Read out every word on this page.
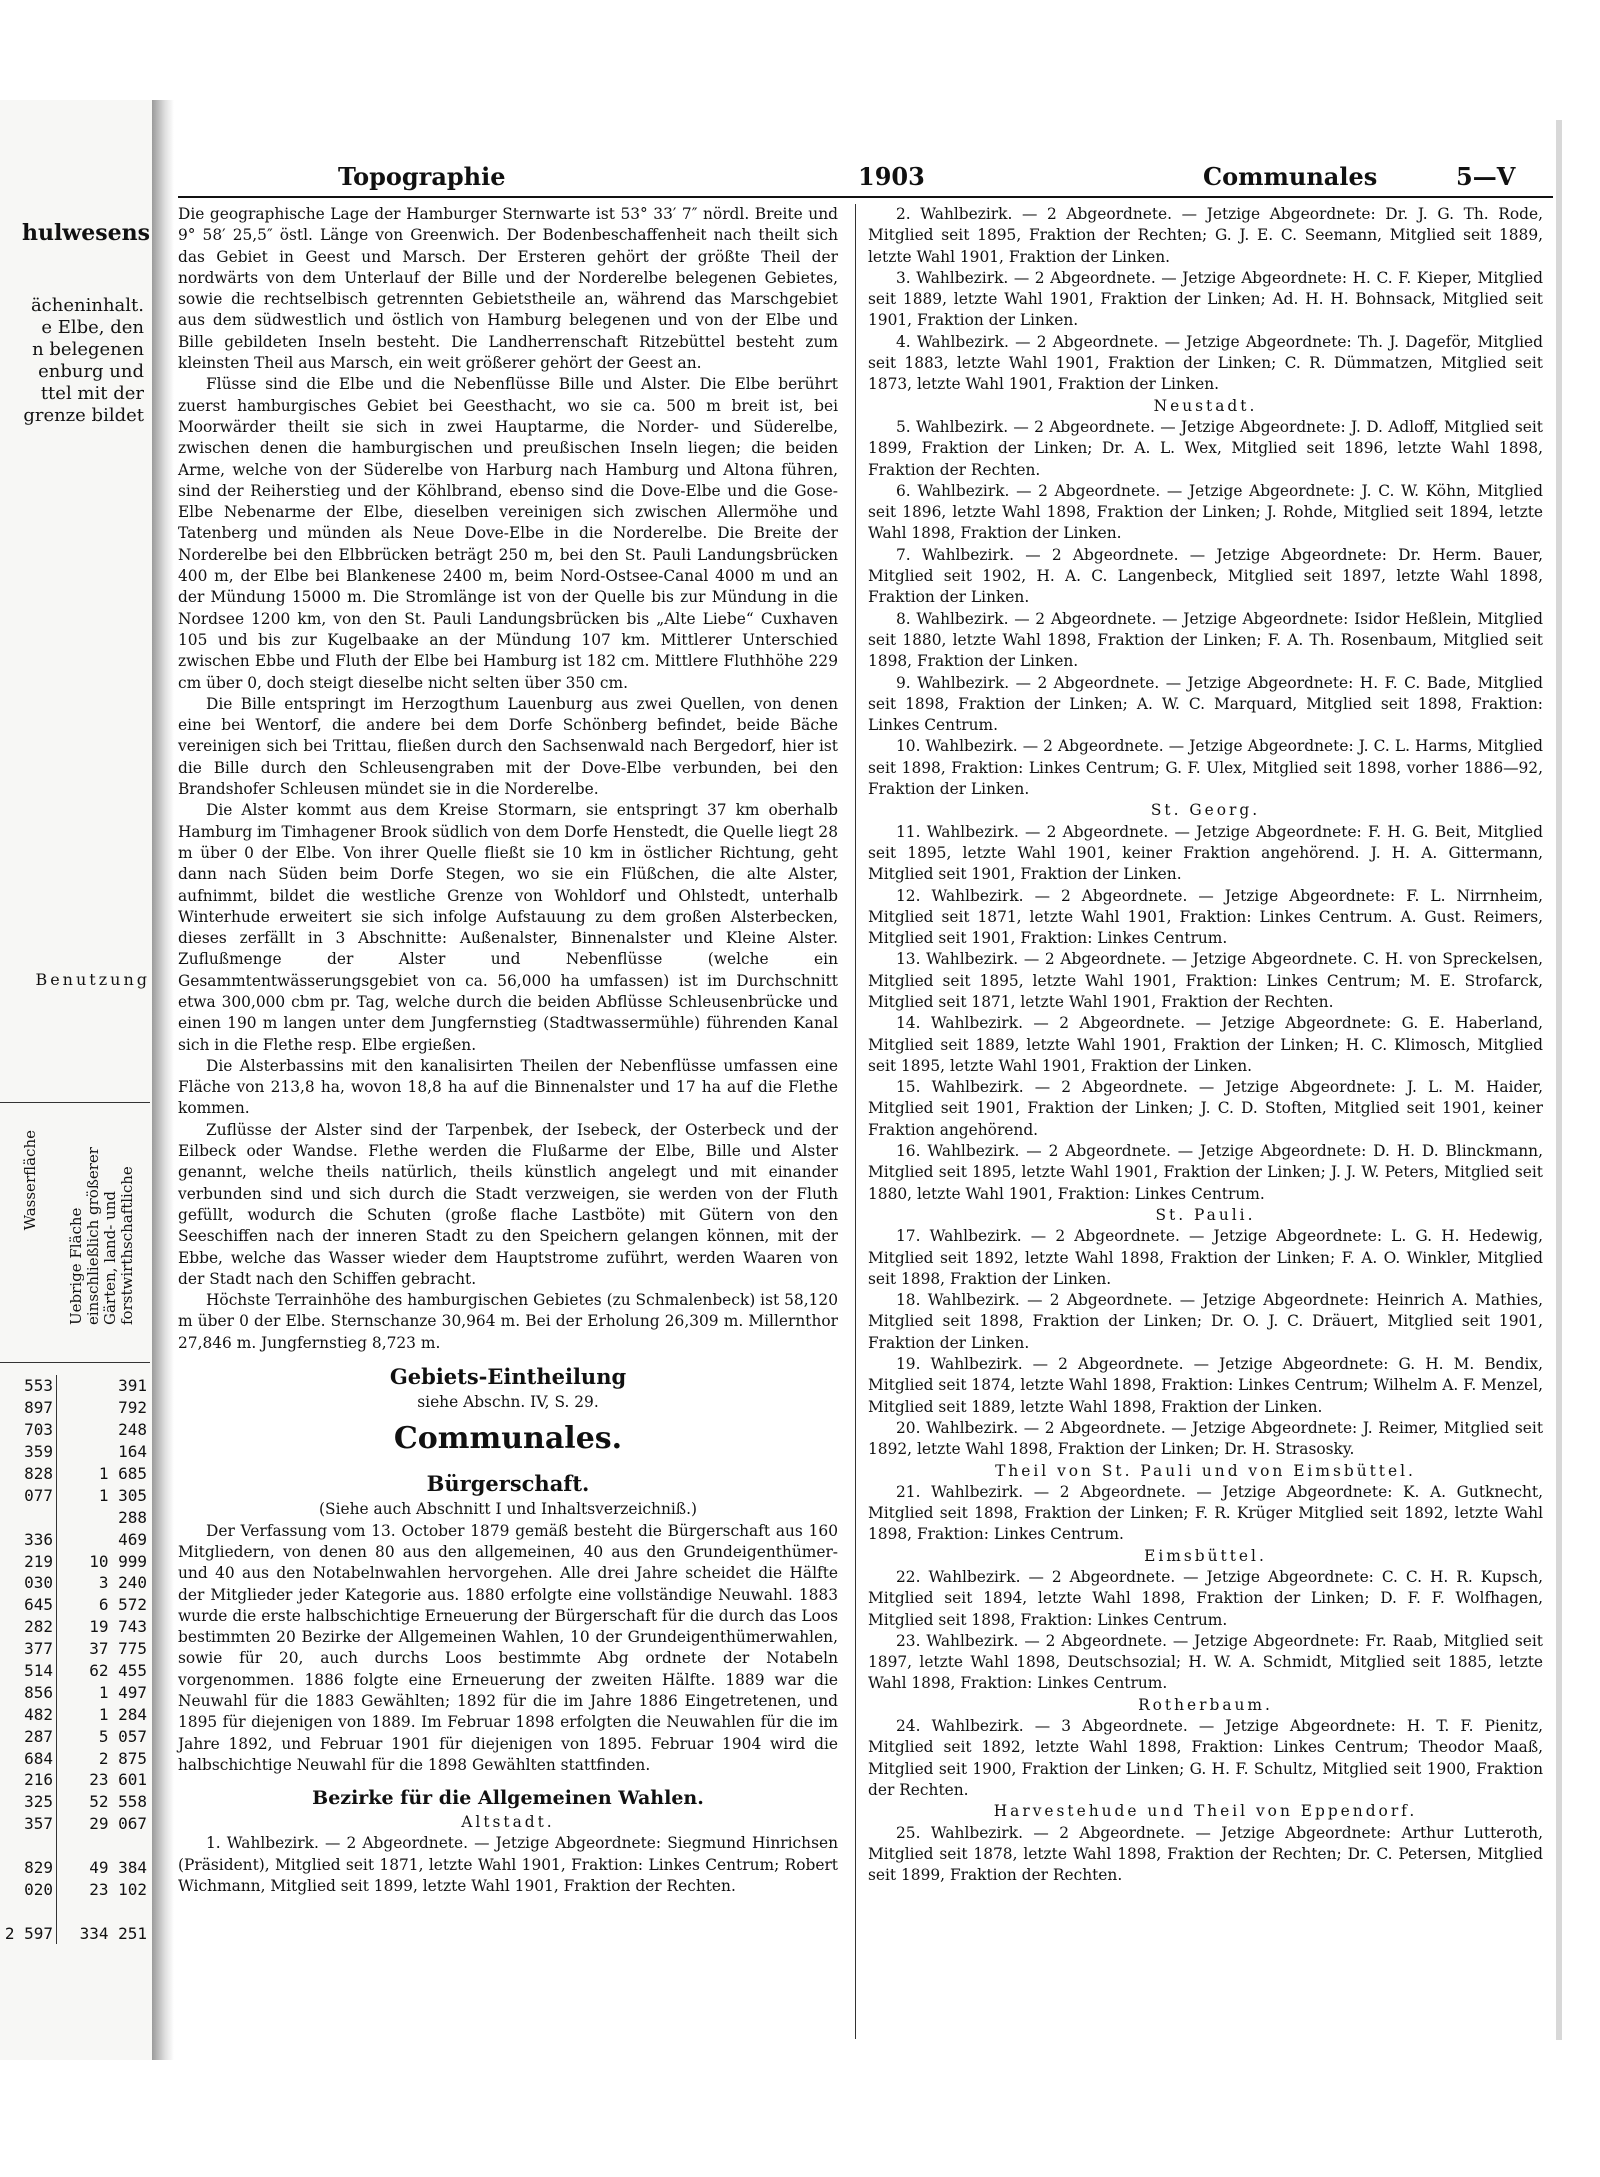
hulwesens
ächeninhalt.
e Elbe, den
n belegenen
enburg und
ttel mit der
grenze bildet
Benutzung
Wasserfläche
Uebrige Fläche einschließlich größerer Gärten, land- und forstwirthschaftliche
553	391
897	792
703	248
359	164
828	1 685
077	1 305
	288
336	469
219	10 999
030	3 240
645	6 572
282	19 743
377	37 775
514	62 455
856	1 497
482	1 284
287	5 057
684	2 875
216	23 601
325	52 558
357	29 067

829	49 384
020	23 102

2 597	334 251
Topographie	1903	Communales	5—V

Die geographische Lage der Hamburger Sternwarte ist 53° 33′ 7″ nördl. Breite und 9° 58′ 25,5″ östl. Länge von Greenwich. Der Bodenbeschaffenheit nach theilt sich das Gebiet in Geest und Marsch. Der Ersteren gehört der größte Theil der nordwärts von dem Unterlauf der Bille und der Norderelbe belegenen Gebietes, sowie die rechtselbisch getrennten Gebietstheile an, während das Marschgebiet aus dem südwestlich und östlich von Hamburg belegenen und von der Elbe und Bille gebildeten Inseln besteht. Die Landherrenschaft Ritzebüttel besteht zum kleinsten Theil aus Marsch, ein weit größerer gehört der Geest an.

Flüsse sind die Elbe und die Nebenflüsse Bille und Alster. Die Elbe berührt zuerst hamburgisches Gebiet bei Geesthacht, wo sie ca. 500 m breit ist, bei Moorwärder theilt sie sich in zwei Hauptarme, die Norder- und Süderelbe, zwischen denen die hamburgischen und preußischen Inseln liegen; die beiden Arme, welche von der Süderelbe von Harburg nach Hamburg und Altona führen, sind der Reiherstieg und der Köhlbrand, ebenso sind die Dove-Elbe und die Gose-Elbe Nebenarme der Elbe, dieselben vereinigen sich zwischen Allermöhe und Tatenberg und münden als Neue Dove-Elbe in die Norderelbe. Die Breite der Norderelbe bei den Elbbrücken beträgt 250 m, bei den St. Pauli Landungsbrücken 400 m, der Elbe bei Blankenese 2400 m, beim Nord-Ostsee-Canal 4000 m und an der Mündung 15000 m. Die Stromlänge ist von der Quelle bis zur Mündung in die Nordsee 1200 km, von den St. Pauli Landungsbrücken bis „Alte Liebe“ Cuxhaven 105 und bis zur Kugelbaake an der Mündung 107 km. Mittlerer Unterschied zwischen Ebbe und Fluth der Elbe bei Hamburg ist 182 cm. Mittlere Fluthhöhe 229 cm über 0, doch steigt dieselbe nicht selten über 350 cm.

Die Bille entspringt im Herzogthum Lauenburg aus zwei Quellen, von denen eine bei Wentorf, die andere bei dem Dorfe Schönberg befindet, beide Bäche vereinigen sich bei Trittau, fließen durch den Sachsenwald nach Bergedorf, hier ist die Bille durch den Schleusengraben mit der Dove-Elbe verbunden, bei den Brandshofer Schleusen mündet sie in die Norderelbe.

Die Alster kommt aus dem Kreise Stormarn, sie entspringt 37 km oberhalb Hamburg im Timhagener Brook südlich von dem Dorfe Henstedt, die Quelle liegt 28 m über 0 der Elbe. Von ihrer Quelle fließt sie 10 km in östlicher Richtung, geht dann nach Süden beim Dorfe Stegen, wo sie ein Flüßchen, die alte Alster, aufnimmt, bildet die westliche Grenze von Wohldorf und Ohlstedt, unterhalb Winterhude erweitert sie sich infolge Aufstauung zu dem großen Alsterbecken, dieses zerfällt in 3 Abschnitte: Außenalster, Binnenalster und Kleine Alster. Zuflußmenge der Alster und Nebenflüsse (welche ein Gesammtentwässerungsgebiet von ca. 56,000 ha umfassen) ist im Durchschnitt etwa 300,000 cbm pr. Tag, welche durch die beiden Abflüsse Schleusenbrücke und einen 190 m langen unter dem Jungfernstieg (Stadtwassermühle) führenden Kanal sich in die Flethe resp. Elbe ergießen.

Die Alsterbassins mit den kanalisirten Theilen der Nebenflüsse umfassen eine Fläche von 213,8 ha, wovon 18,8 ha auf die Binnenalster und 17 ha auf die Flethe kommen.

Zuflüsse der Alster sind der Tarpenbek, der Isebeck, der Osterbeck und der Eilbeck oder Wandse. Flethe werden die Flußarme der Elbe, Bille und Alster genannt, welche theils natürlich, theils künstlich angelegt und mit einander verbunden sind und sich durch die Stadt verzweigen, sie werden von der Fluth gefüllt, wodurch die Schuten (große flache Lastböte) mit Gütern von den Seeschiffen nach der inneren Stadt zu den Speichern gelangen können, mit der Ebbe, welche das Wasser wieder dem Hauptstrome zuführt, werden Waaren von der Stadt nach den Schiffen gebracht.

Höchste Terrainhöhe des hamburgischen Gebietes (zu Schmalenbeck) ist 58,120 m über 0 der Elbe. Sternschanze 30,964 m. Bei der Erholung 26,309 m. Millernthor 27,846 m. Jungfernstieg 8,723 m.

Gebiets-Eintheilung

siehe Abschn. IV, S. 29.

Communales.

Bürgerschaft.

(Siehe auch Abschnitt I und Inhaltsverzeichniß.)

Der Verfassung vom 13. October 1879 gemäß besteht die Bürgerschaft aus 160 Mitgliedern, von denen 80 aus den allgemeinen, 40 aus den Grundeigenthümer- und 40 aus den Notabelnwahlen hervorgehen. Alle drei Jahre scheidet die Hälfte der Mitglieder jeder Kategorie aus. 1880 erfolgte eine vollständige Neuwahl. 1883 wurde die erste halbschichtige Erneuerung der Bürgerschaft für die durch das Loos bestimmten 20 Bezirke der Allgemeinen Wahlen, 10 der Grundeigenthümerwahlen, sowie für 20, auch durchs Loos bestimmte Abg ordnete der Notabeln vorgenommen. 1886 folgte eine Erneuerung der zweiten Hälfte. 1889 war die Neuwahl für die 1883 Gewählten; 1892 für die im Jahre 1886 Eingetretenen, und 1895 für diejenigen von 1889. Im Februar 1898 erfolgten die Neuwahlen für die im Jahre 1892, und Februar 1901 für diejenigen von 1895. Februar 1904 wird die halbschichtige Neuwahl für die 1898 Gewählten stattfinden.

Bezirke für die Allgemeinen Wahlen.

Altstadt.

1. Wahlbezirk. — 2 Abgeordnete. — Jetzige Abgeordnete: Siegmund Hinrichsen (Präsident), Mitglied seit 1871, letzte Wahl 1901, Fraktion: Linkes Centrum; Robert Wichmann, Mitglied seit 1899, letzte Wahl 1901, Fraktion der Rechten.

2. Wahlbezirk. — 2 Abgeordnete. — Jetzige Abgeordnete: Dr. J. G. Th. Rode, Mitglied seit 1895, Fraktion der Rechten; G. J. E. C. Seemann, Mitglied seit 1889, letzte Wahl 1901, Fraktion der Linken.

3. Wahlbezirk. — 2 Abgeordnete. — Jetzige Abgeordnete: H. C. F. Kieper, Mitglied seit 1889, letzte Wahl 1901, Fraktion der Linken; Ad. H. H. Bohnsack, Mitglied seit 1901, Fraktion der Linken.

4. Wahlbezirk. — 2 Abgeordnete. — Jetzige Abgeordnete: Th. J. Dageför, Mitglied seit 1883, letzte Wahl 1901, Fraktion der Linken; C. R. Dümmatzen, Mitglied seit 1873, letzte Wahl 1901, Fraktion der Linken.

Neustadt.

5. Wahlbezirk. — 2 Abgeordnete. — Jetzige Abgeordnete: J. D. Adloff, Mitglied seit 1899, Fraktion der Linken; Dr. A. L. Wex, Mitglied seit 1896, letzte Wahl 1898, Fraktion der Rechten.

6. Wahlbezirk. — 2 Abgeordnete. — Jetzige Abgeordnete: J. C. W. Köhn, Mitglied seit 1896, letzte Wahl 1898, Fraktion der Linken; J. Rohde, Mitglied seit 1894, letzte Wahl 1898, Fraktion der Linken.

7. Wahlbezirk. — 2 Abgeordnete. — Jetzige Abgeordnete: Dr. Herm. Bauer, Mitglied seit 1902, H. A. C. Langenbeck, Mitglied seit 1897, letzte Wahl 1898, Fraktion der Linken.

8. Wahlbezirk. — 2 Abgeordnete. — Jetzige Abgeordnete: Isidor Heßlein, Mitglied seit 1880, letzte Wahl 1898, Fraktion der Linken; F. A. Th. Rosenbaum, Mitglied seit 1898, Fraktion der Linken.

9. Wahlbezirk. — 2 Abgeordnete. — Jetzige Abgeordnete: H. F. C. Bade, Mitglied seit 1898, Fraktion der Linken; A. W. C. Marquard, Mitglied seit 1898, Fraktion: Linkes Centrum.

10. Wahlbezirk. — 2 Abgeordnete. — Jetzige Abgeordnete: J. C. L. Harms, Mitglied seit 1898, Fraktion: Linkes Centrum; G. F. Ulex, Mitglied seit 1898, vorher 1886—92, Fraktion der Linken.

St. Georg.

11. Wahlbezirk. — 2 Abgeordnete. — Jetzige Abgeordnete: F. H. G. Beit, Mitglied seit 1895, letzte Wahl 1901, keiner Fraktion angehörend. J. H. A. Gittermann, Mitglied seit 1901, Fraktion der Linken.

12. Wahlbezirk. — 2 Abgeordnete. — Jetzige Abgeordnete: F. L. Nirrnheim, Mitglied seit 1871, letzte Wahl 1901, Fraktion: Linkes Centrum. A. Gust. Reimers, Mitglied seit 1901, Fraktion: Linkes Centrum.

13. Wahlbezirk. — 2 Abgeordnete. — Jetzige Abgeordnete. C. H. von Spreckelsen, Mitglied seit 1895, letzte Wahl 1901, Fraktion: Linkes Centrum; M. E. Strofarck, Mitglied seit 1871, letzte Wahl 1901, Fraktion der Rechten.

14. Wahlbezirk. — 2 Abgeordnete. — Jetzige Abgeordnete: G. E. Haberland, Mitglied seit 1889, letzte Wahl 1901, Fraktion der Linken; H. C. Klimosch, Mitglied seit 1895, letzte Wahl 1901, Fraktion der Linken.

15. Wahlbezirk. — 2 Abgeordnete. — Jetzige Abgeordnete: J. L. M. Haider, Mitglied seit 1901, Fraktion der Linken; J. C. D. Stoften, Mitglied seit 1901, keiner Fraktion angehörend.

16. Wahlbezirk. — 2 Abgeordnete. — Jetzige Abgeordnete: D. H. D. Blinckmann, Mitglied seit 1895, letzte Wahl 1901, Fraktion der Linken; J. J. W. Peters, Mitglied seit 1880, letzte Wahl 1901, Fraktion: Linkes Centrum.

St. Pauli.

17. Wahlbezirk. — 2 Abgeordnete. — Jetzige Abgeordnete: L. G. H. Hedewig, Mitglied seit 1892, letzte Wahl 1898, Fraktion der Linken; F. A. O. Winkler, Mitglied seit 1898, Fraktion der Linken.

18. Wahlbezirk. — 2 Abgeordnete. — Jetzige Abgeordnete: Heinrich A. Mathies, Mitglied seit 1898, Fraktion der Linken; Dr. O. J. C. Dräuert, Mitglied seit 1901, Fraktion der Linken.

19. Wahlbezirk. — 2 Abgeordnete. — Jetzige Abgeordnete: G. H. M. Bendix, Mitglied seit 1874, letzte Wahl 1898, Fraktion: Linkes Centrum; Wilhelm A. F. Menzel, Mitglied seit 1889, letzte Wahl 1898, Fraktion der Linken.

20. Wahlbezirk. — 2 Abgeordnete. — Jetzige Abgeordnete: J. Reimer, Mitglied seit 1892, letzte Wahl 1898, Fraktion der Linken; Dr. H. Strasosky.

Theil von St. Pauli und von Eimsbüttel.

21. Wahlbezirk. — 2 Abgeordnete. — Jetzige Abgeordnete: K. A. Gutknecht, Mitglied seit 1898, Fraktion der Linken; F. R. Krüger Mitglied seit 1892, letzte Wahl 1898, Fraktion: Linkes Centrum.

Eimsbüttel.

22. Wahlbezirk. — 2 Abgeordnete. — Jetzige Abgeordnete: C. C. H. R. Kupsch, Mitglied seit 1894, letzte Wahl 1898, Fraktion der Linken; D. F. F. Wolfhagen, Mitglied seit 1898, Fraktion: Linkes Centrum.

23. Wahlbezirk. — 2 Abgeordnete. — Jetzige Abgeordnete: Fr. Raab, Mitglied seit 1897, letzte Wahl 1898, Deutschsozial; H. W. A. Schmidt, Mitglied seit 1885, letzte Wahl 1898, Fraktion: Linkes Centrum.

Rotherbaum.

24. Wahlbezirk. — 3 Abgeordnete. — Jetzige Abgeordnete: H. T. F. Pienitz, Mitglied seit 1892, letzte Wahl 1898, Fraktion: Linkes Centrum; Theodor Maaß, Mitglied seit 1900, Fraktion der Linken; G. H. F. Schultz, Mitglied seit 1900, Fraktion der Rechten.

Harvestehude und Theil von Eppendorf.

25. Wahlbezirk. — 2 Abgeordnete. — Jetzige Abgeordnete: Arthur Lutteroth, Mitglied seit 1878, letzte Wahl 1898, Fraktion der Rechten; Dr. C. Petersen, Mitglied seit 1899, Fraktion der Rechten.
